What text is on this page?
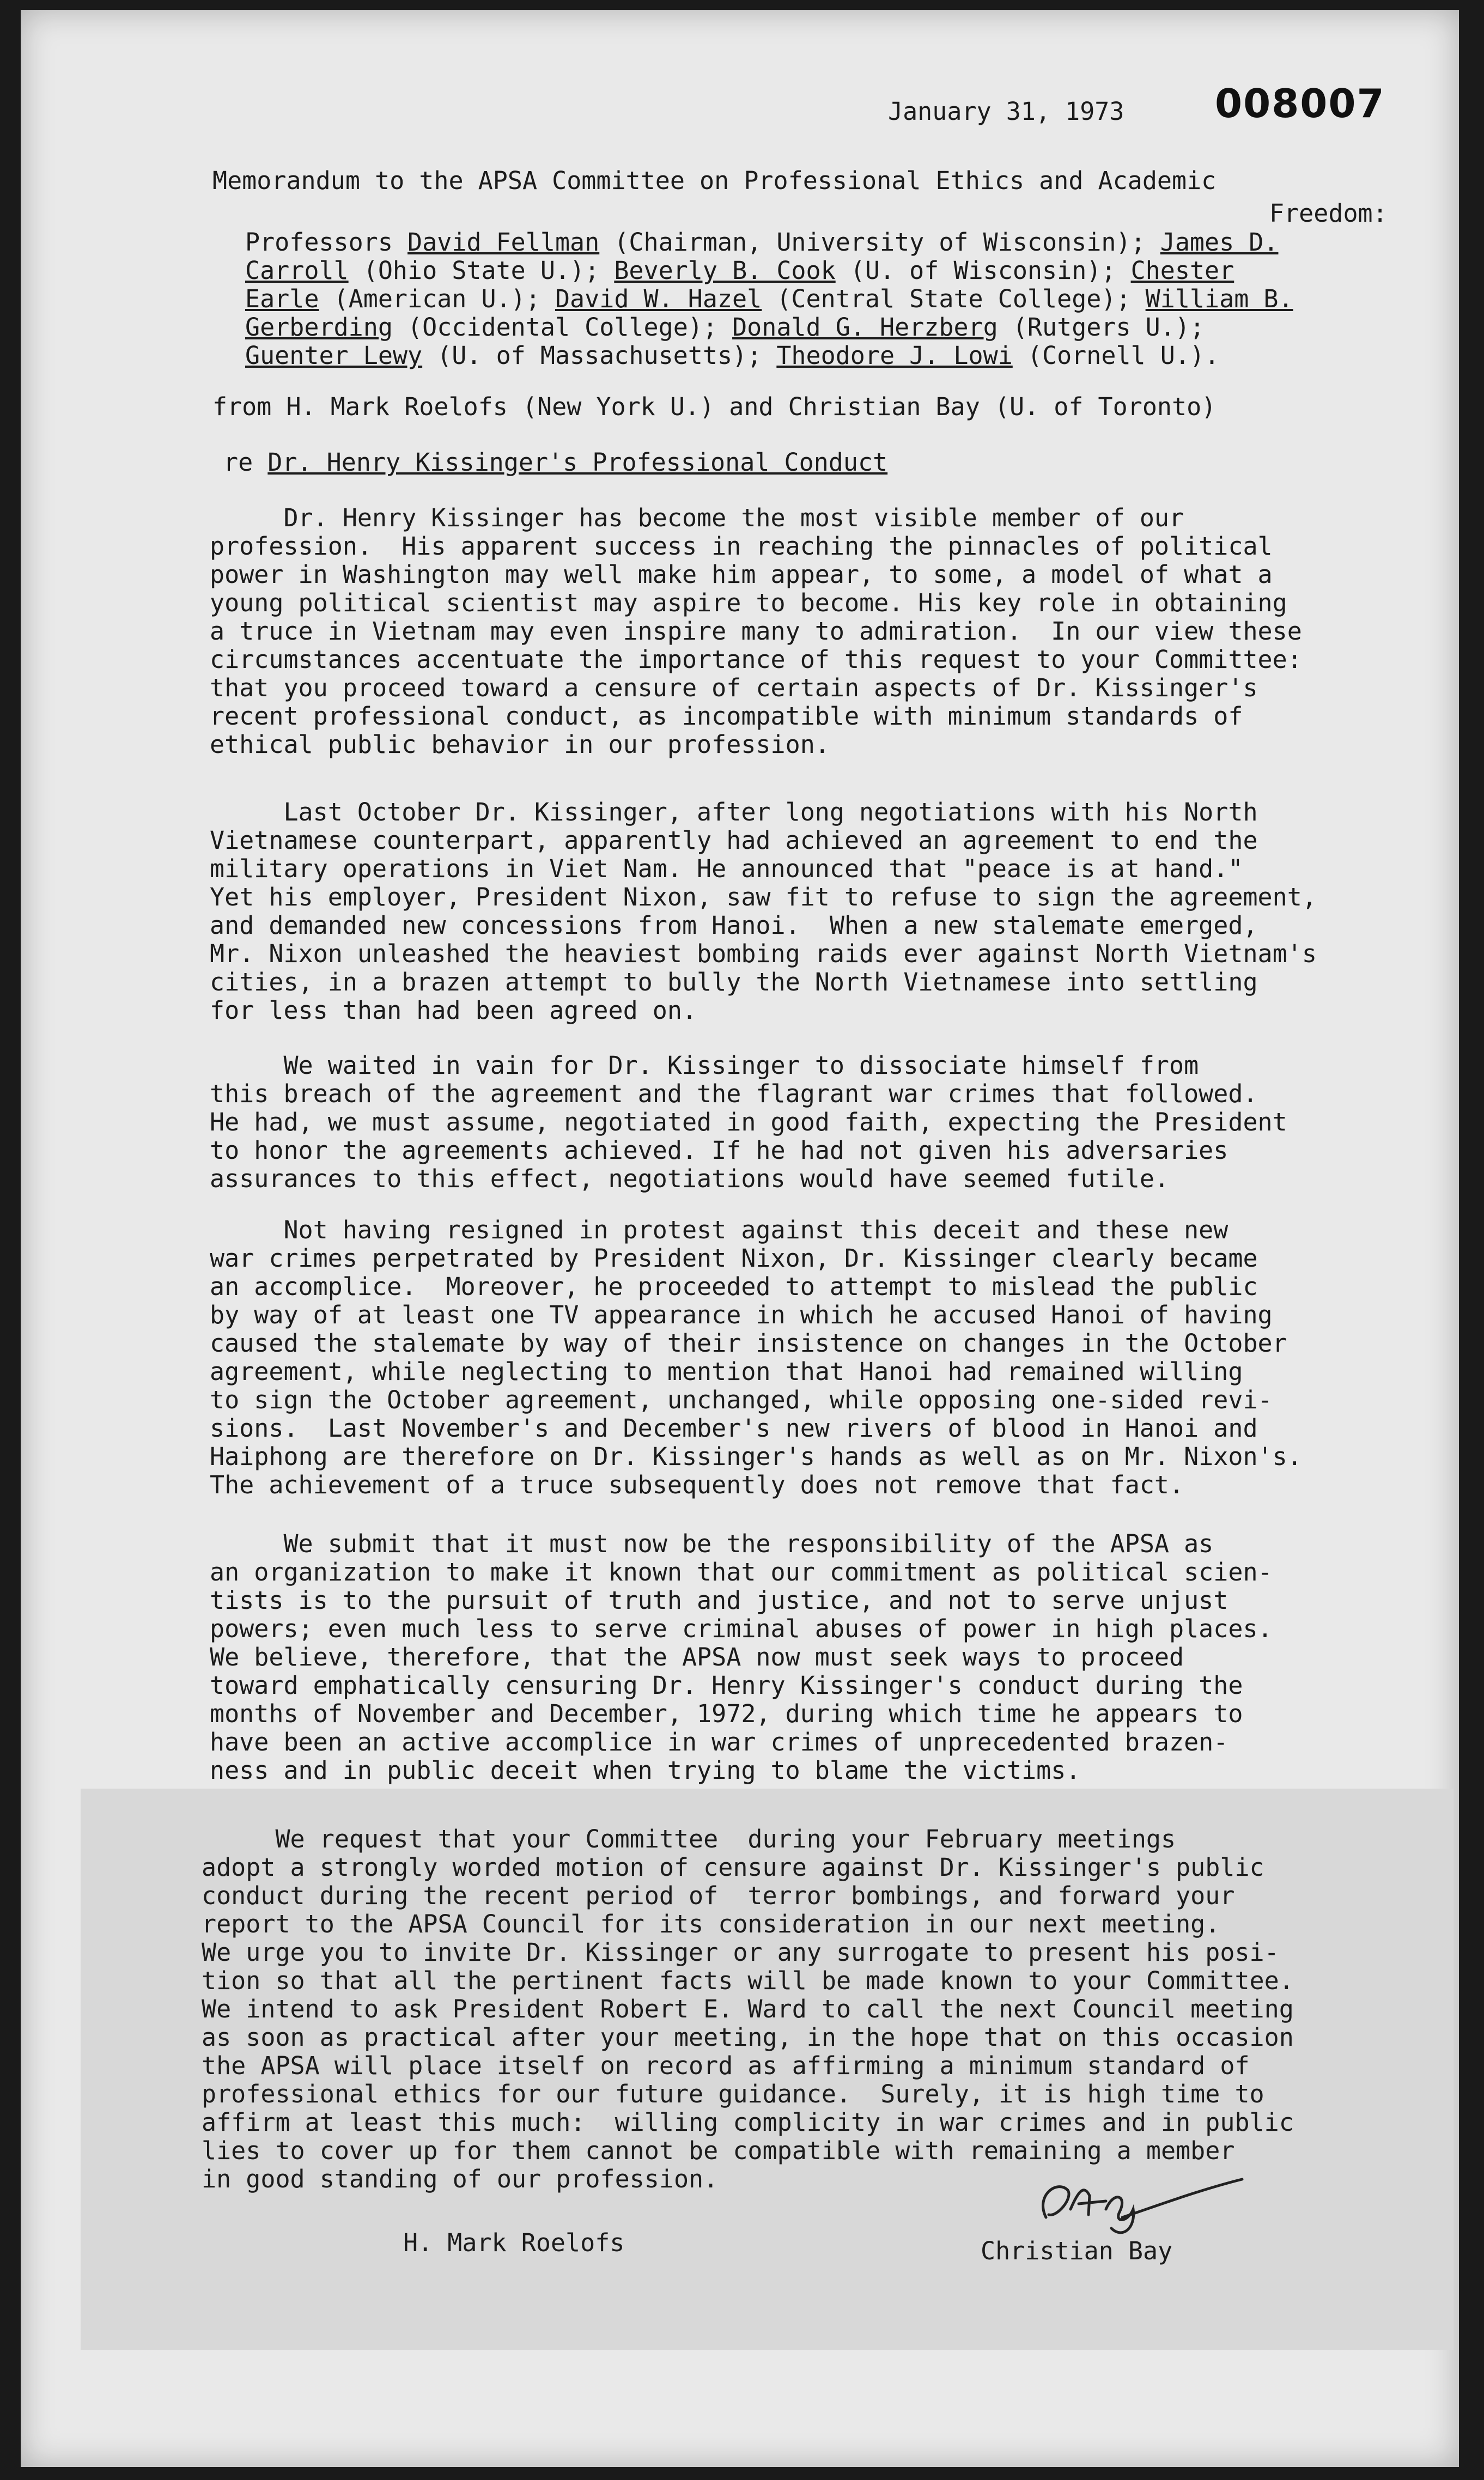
008007
January 31, 1973
Memorandum to the APSA Committee on Professional Ethics and Academic
Freedom:
Professors David Fellman (Chairman, University of Wisconsin); James D.
Carroll (Ohio State U.); Beverly B. Cook (U. of Wisconsin); Chester
Earle (American U.); David W. Hazel (Central State College); William B.
Gerberding (Occidental College); Donald G. Herzberg (Rutgers U.);
Guenter Lewy (U. of Massachusetts); Theodore J. Lowi (Cornell U.).
from H. Mark Roelofs (New York U.) and Christian Bay (U. of Toronto)
re Dr. Henry Kissinger's Professional Conduct
Dr. Henry Kissinger has become the most visible member of our
profession.  His apparent success in reaching the pinnacles of political
power in Washington may well make him appear, to some, a model of what a
young political scientist may aspire to become. His key role in obtaining
a truce in Vietnam may even inspire many to admiration.  In our view these
circumstances accentuate the importance of this request to your Committee:
that you proceed toward a censure of certain aspects of Dr. Kissinger's
recent professional conduct, as incompatible with minimum standards of
ethical public behavior in our profession.
Last October Dr. Kissinger, after long negotiations with his North
Vietnamese counterpart, apparently had achieved an agreement to end the
military operations in Viet Nam. He announced that "peace is at hand."
Yet his employer, President Nixon, saw fit to refuse to sign the agreement,
and demanded new concessions from Hanoi.  When a new stalemate emerged,
Mr. Nixon unleashed the heaviest bombing raids ever against North Vietnam's
cities, in a brazen attempt to bully the North Vietnamese into settling
for less than had been agreed on.
We waited in vain for Dr. Kissinger to dissociate himself from
this breach of the agreement and the flagrant war crimes that followed.
He had, we must assume, negotiated in good faith, expecting the President
to honor the agreements achieved. If he had not given his adversaries
assurances to this effect, negotiations would have seemed futile.
Not having resigned in protest against this deceit and these new
war crimes perpetrated by President Nixon, Dr. Kissinger clearly became
an accomplice.  Moreover, he proceeded to attempt to mislead the public
by way of at least one TV appearance in which he accused Hanoi of having
caused the stalemate by way of their insistence on changes in the October
agreement, while neglecting to mention that Hanoi had remained willing
to sign the October agreement, unchanged, while opposing one-sided revi-
sions.  Last November's and December's new rivers of blood in Hanoi and
Haiphong are therefore on Dr. Kissinger's hands as well as on Mr. Nixon's.
The achievement of a truce subsequently does not remove that fact.
We submit that it must now be the responsibility of the APSA as
an organization to make it known that our commitment as political scien-
tists is to the pursuit of truth and justice, and not to serve unjust
powers; even much less to serve criminal abuses of power in high places.
We believe, therefore, that the APSA now must seek ways to proceed
toward emphatically censuring Dr. Henry Kissinger's conduct during the
months of November and December, 1972, during which time he appears to
have been an active accomplice in war crimes of unprecedented brazen-
ness and in public deceit when trying to blame the victims.
We request that your Committee  during your February meetings
adopt a strongly worded motion of censure against Dr. Kissinger's public
conduct during the recent period of  terror bombings, and forward your
report to the APSA Council for its consideration in our next meeting.
We urge you to invite Dr. Kissinger or any surrogate to present his posi-
tion so that all the pertinent facts will be made known to your Committee.
We intend to ask President Robert E. Ward to call the next Council meeting
as soon as practical after your meeting, in the hope that on this occasion
the APSA will place itself on record as affirming a minimum standard of
professional ethics for our future guidance.  Surely, it is high time to
affirm at least this much:  willing complicity in war crimes and in public
lies to cover up for them cannot be compatible with remaining a member
in good standing of our profession.
H. Mark Roelofs	Christian Bay
